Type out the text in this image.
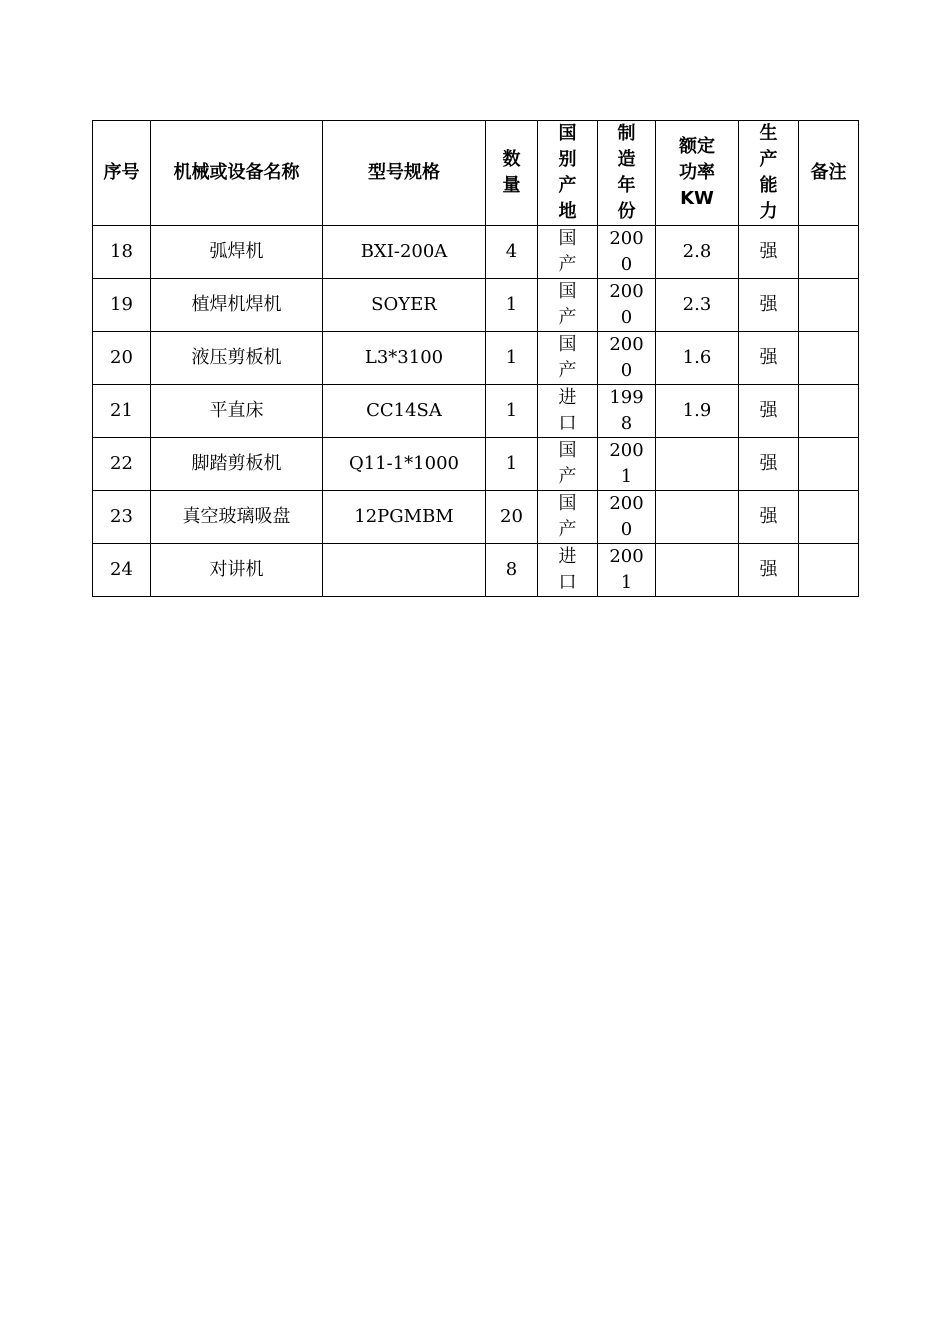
序号	机械或设备名称	型号规格	数量	国别产地	制造年份	额定功率KW	生产能力	备注
18	弧焊机	BXI-200A	4	国产	2000	2.8	强	
19	植焊机焊机	SOYER	1	国产	2000	2.3	强	
20	液压剪板机	L3*3100	1	国产	2000	1.6	强	
21	平直床	CC14SA	1	进口	1998	1.9	强	
22	脚踏剪板机	Q11-1*1000	1	国产	2001		强	
23	真空玻璃吸盘	12PGMBM	20	国产	2000		强	
24	对讲机		8	进口	2001		强	
